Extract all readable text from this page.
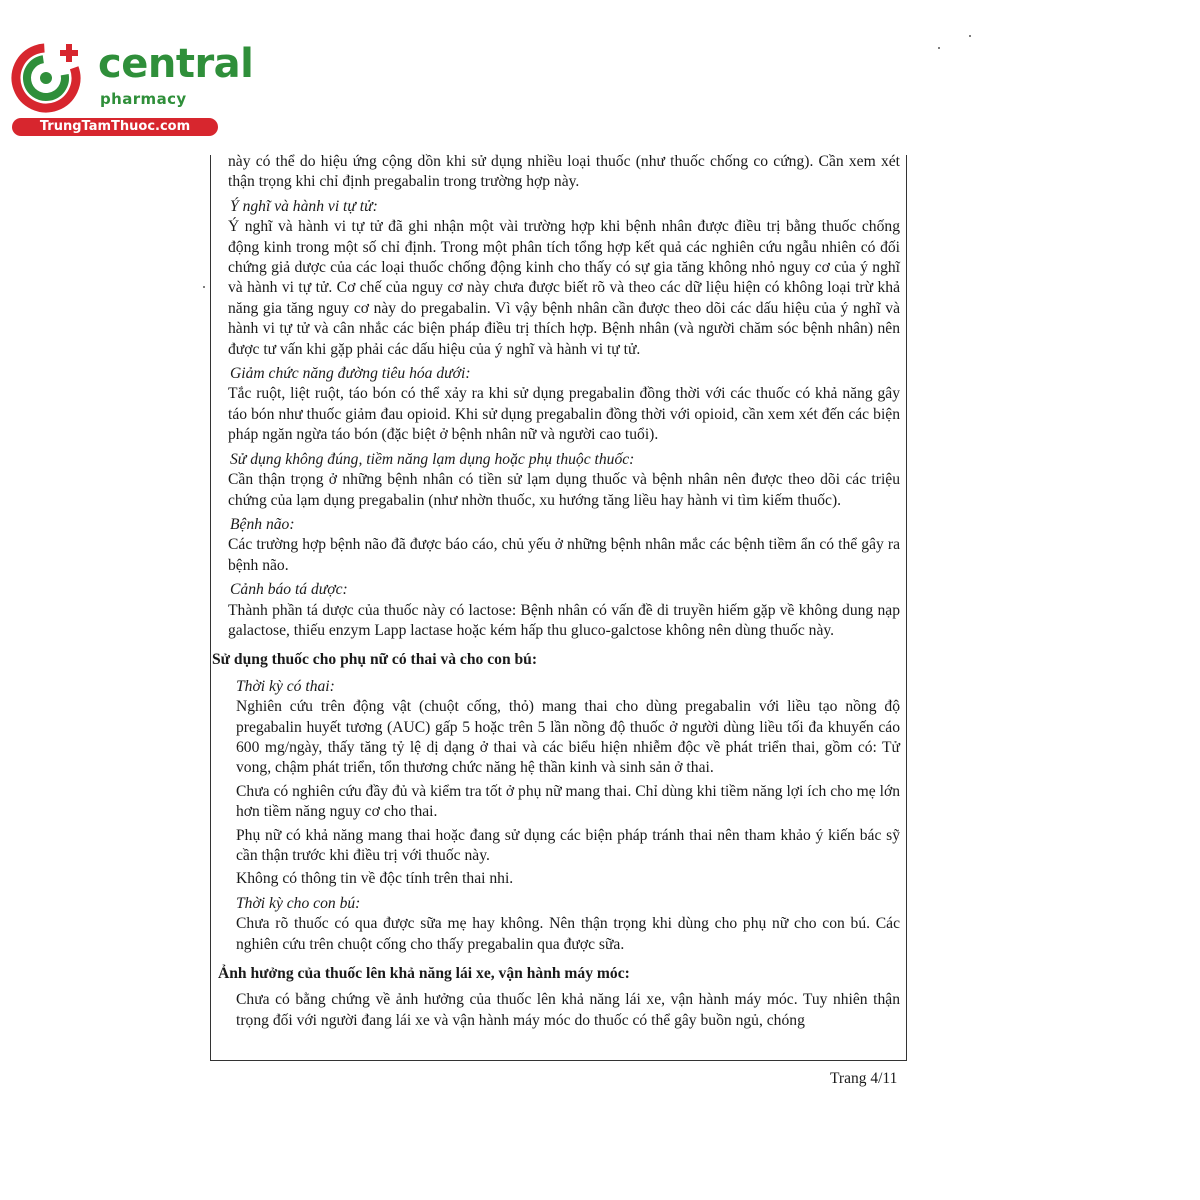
central
pharmacy
TrungTamThuoc.com

này có thể do hiệu ứng cộng dồn khi sử dụng nhiều loại thuốc (như thuốc chống co cứng). Cần xem xét thận trọng khi chỉ định pregabalin trong trường hợp này.

Ý nghĩ và hành vi tự tử:

Ý nghĩ và hành vi tự tử đã ghi nhận một vài trường hợp khi bệnh nhân được điều trị bằng thuốc chống động kinh trong một số chỉ định. Trong một phân tích tổng hợp kết quả các nghiên cứu ngẫu nhiên có đối chứng giả dược của các loại thuốc chống động kinh cho thấy có sự gia tăng không nhỏ nguy cơ của ý nghĩ và hành vi tự tử. Cơ chế của nguy cơ này chưa được biết rõ và theo các dữ liệu hiện có không loại trừ khả năng gia tăng nguy cơ này do pregabalin. Vì vậy bệnh nhân cần được theo dõi các dấu hiệu của ý nghĩ và hành vi tự tử và cân nhắc các biện pháp điều trị thích hợp. Bệnh nhân (và người chăm sóc bệnh nhân) nên được tư vấn khi gặp phải các dấu hiệu của ý nghĩ và hành vi tự tử.

Giảm chức năng đường tiêu hóa dưới:

Tắc ruột, liệt ruột, táo bón có thể xảy ra khi sử dụng pregabalin đồng thời với các thuốc có khả năng gây táo bón như thuốc giảm đau opioid. Khi sử dụng pregabalin đồng thời với opioid, cần xem xét đến các biện pháp ngăn ngừa táo bón (đặc biệt ở bệnh nhân nữ và người cao tuổi).

Sử dụng không đúng, tiềm năng lạm dụng hoặc phụ thuộc thuốc:

Cần thận trọng ở những bệnh nhân có tiền sử lạm dụng thuốc và bệnh nhân nên được theo dõi các triệu chứng của lạm dụng pregabalin (như nhờn thuốc, xu hướng tăng liều hay hành vi tìm kiếm thuốc).

Bệnh não:

Các trường hợp bệnh não đã được báo cáo, chủ yếu ở những bệnh nhân mắc các bệnh tiềm ẩn có thể gây ra bệnh não.

Cảnh báo tá dược:

Thành phần tá dược của thuốc này có lactose: Bệnh nhân có vấn đề di truyền hiếm gặp về không dung nạp galactose, thiếu enzym Lapp lactase hoặc kém hấp thu gluco-galctose không nên dùng thuốc này.

Sử dụng thuốc cho phụ nữ có thai và cho con bú:

Thời kỳ có thai:

Nghiên cứu trên động vật (chuột cống, thỏ) mang thai cho dùng pregabalin với liều tạo nồng độ pregabalin huyết tương (AUC) gấp 5 hoặc trên 5 lần nồng độ thuốc ở người dùng liều tối đa khuyến cáo 600 mg/ngày, thấy tăng tỷ lệ dị dạng ở thai và các biểu hiện nhiễm độc về phát triển thai, gồm có: Tử vong, chậm phát triển, tổn thương chức năng hệ thần kinh và sinh sản ở thai.

Chưa có nghiên cứu đầy đủ và kiểm tra tốt ở phụ nữ mang thai. Chỉ dùng khi tiềm năng lợi ích cho mẹ lớn hơn tiềm năng nguy cơ cho thai.

Phụ nữ có khả năng mang thai hoặc đang sử dụng các biện pháp tránh thai nên tham khảo ý kiến bác sỹ cần thận trước khi điều trị với thuốc này.

Không có thông tin về độc tính trên thai nhi.

Thời kỳ cho con bú:

Chưa rõ thuốc có qua được sữa mẹ hay không. Nên thận trọng khi dùng cho phụ nữ cho con bú. Các nghiên cứu trên chuột cống cho thấy pregabalin qua được sữa.

Ảnh hưởng của thuốc lên khả năng lái xe, vận hành máy móc:

Chưa có bằng chứng về ảnh hưởng của thuốc lên khả năng lái xe, vận hành máy móc. Tuy nhiên thận trọng đối với người đang lái xe và vận hành máy móc do thuốc có thể gây buồn ngủ, chóng

Trang 4/11
